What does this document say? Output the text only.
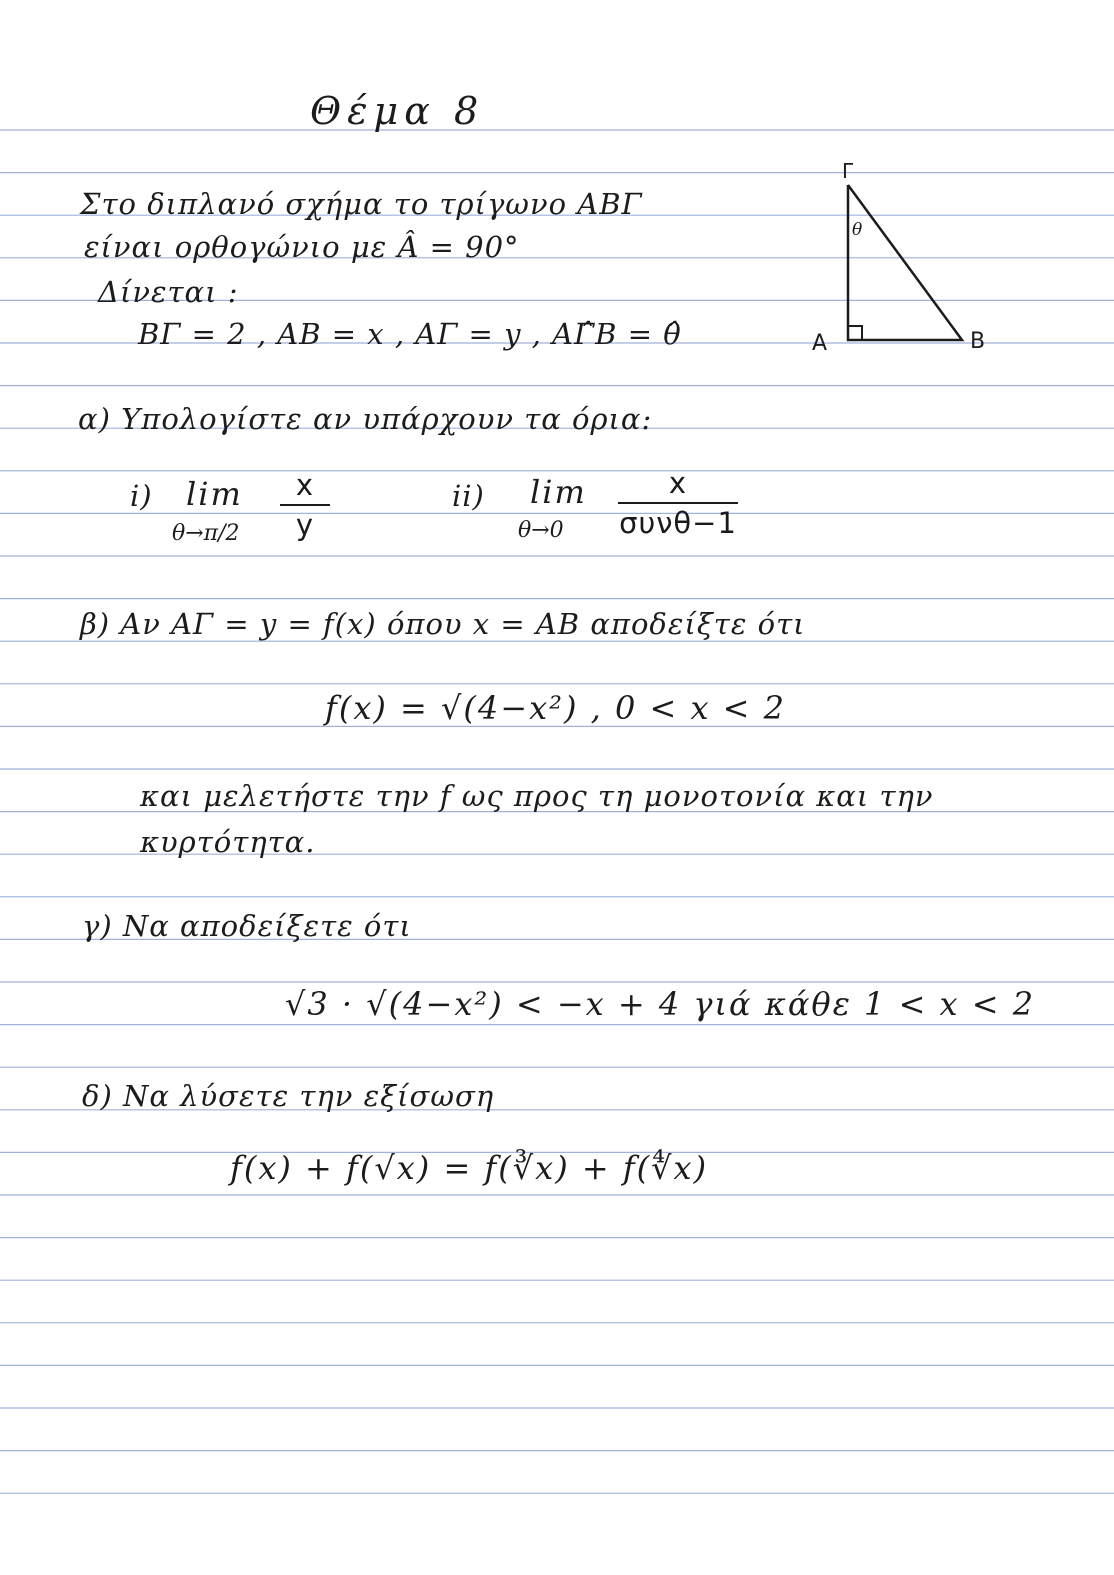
Θέμα 8
Στο διπλανό σχήμα το τρίγωνο ΑΒΓ
είναι ορθογώνιο με Â = 90°
Δίνεται :
ΒΓ = 2 , ΑΒ = x , ΑΓ = y , ΑΓ̂Β = θ̂
Γ
A	B
θ
α) Υπολογίστε αν υπάρχουν τα όρια:
i) lim
θ→π/2
x
y
ii) lim
θ→0
x
συνθ−1
β) Αν ΑΓ = y = f(x) όπου x = ΑΒ αποδείξτε ότι
f(x) = √(4−x²) , 0 < x < 2
και μελετήστε την f ως προς τη μονοτονία και την
κυρτότητα.
γ) Να αποδείξετε ότι
√3 · √(4−x²) < −x + 4 γιά κάθε 1 < x < 2
δ) Να λύσετε την εξίσωση
f(x) + f(√x) = f(∛x) + f(∜x)
